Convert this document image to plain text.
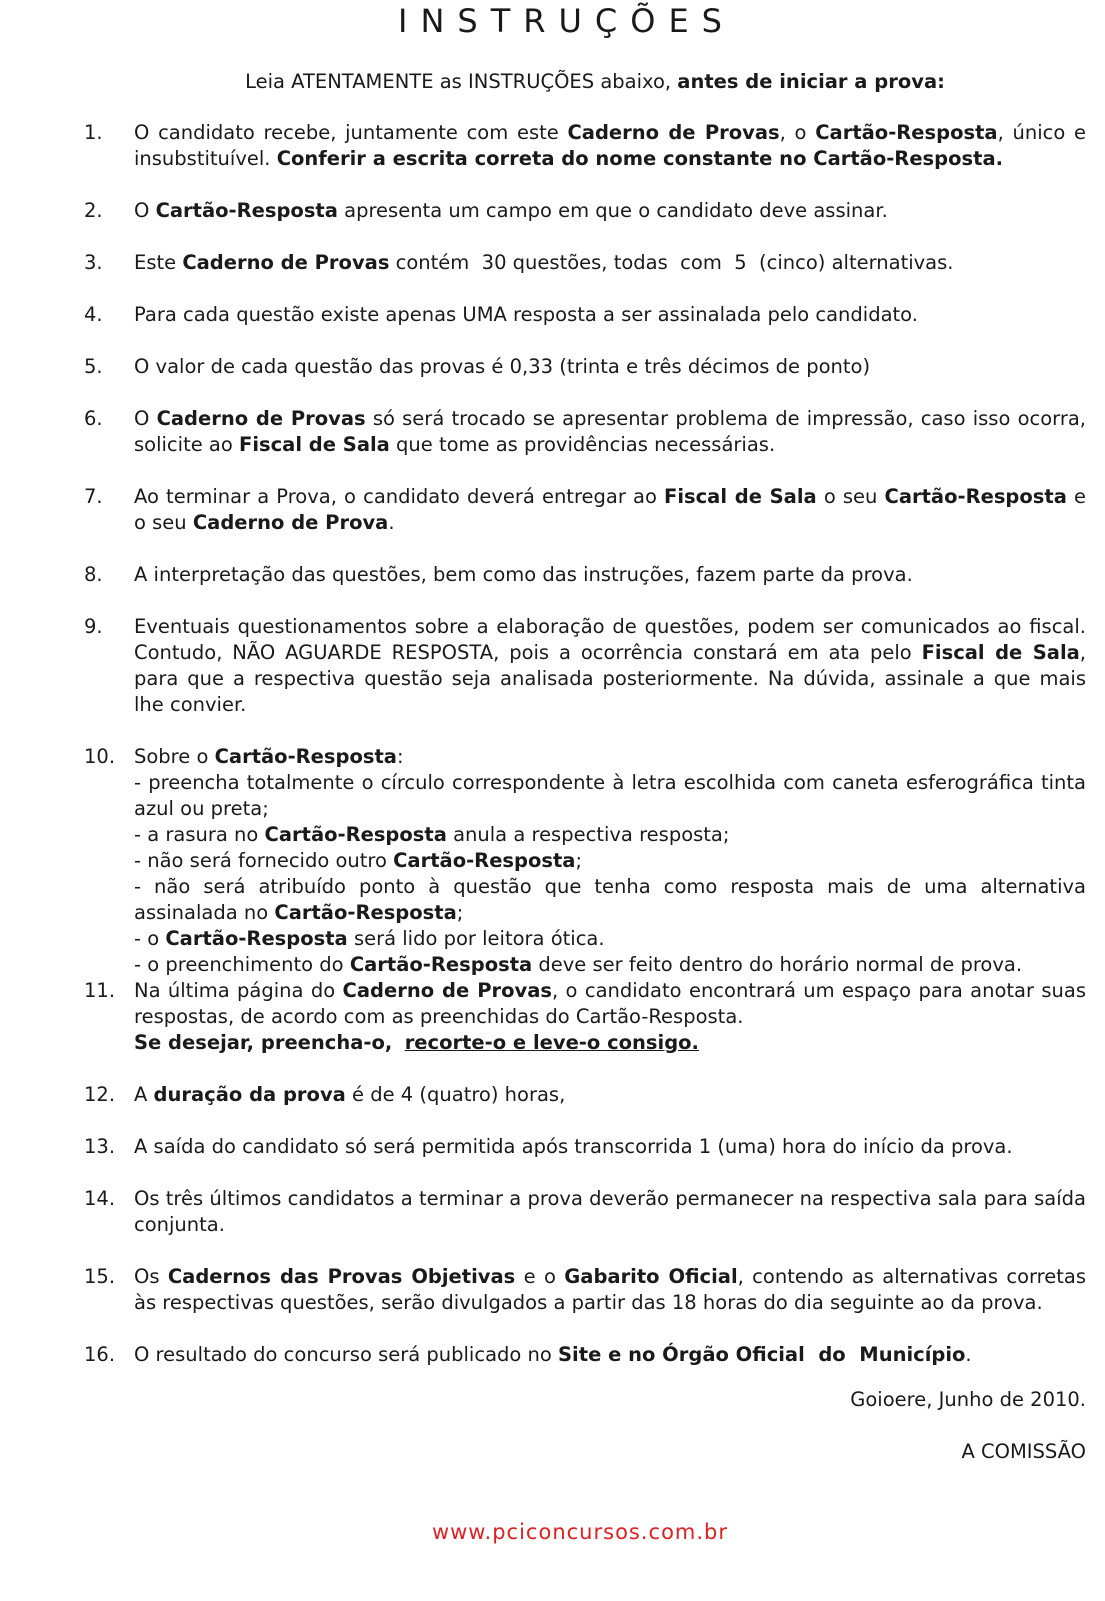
INSTRUÇÕES
Leia ATENTAMENTE as INSTRUÇÕES abaixo, antes de iniciar a prova:
1.	O candidato recebe, juntamente com este Caderno de Provas, o Cartão-Resposta, único e insubstituível. Conferir a escrita correta do nome constante no Cartão-Resposta.
2.	O Cartão-Resposta apresenta um campo em que o candidato deve assinar.
3.	Este Caderno de Provas contém  30 questões, todas  com  5  (cinco) alternativas.
4.	Para cada questão existe apenas UMA resposta a ser assinalada pelo candidato.
5.	O valor de cada questão das provas é 0,33 (trinta e três décimos de ponto)
6.	O Caderno de Provas só será trocado se apresentar problema de impressão, caso isso ocorra, solicite ao Fiscal de Sala que tome as providências necessárias.
7.	Ao terminar a Prova, o candidato deverá entregar ao Fiscal de Sala o seu Cartão-Resposta e o seu Caderno de Prova.
8.	A interpretação das questões, bem como das instruções, fazem parte da prova.
9.	Eventuais questionamentos sobre a elaboração de questões, podem ser comunicados ao fiscal. Contudo, NÃO AGUARDE RESPOSTA, pois a ocorrência constará em ata pelo Fiscal de Sala, para que a respectiva questão seja analisada posteriormente. Na dúvida, assinale a que mais lhe convier.
10. Sobre o Cartão-Resposta:
- preencha totalmente o círculo correspondente à letra escolhida com caneta esferográfica tinta azul ou preta;
- a rasura no Cartão-Resposta anula a respectiva resposta;
- não será fornecido outro Cartão-Resposta;
- não será atribuído ponto à questão que tenha como resposta mais de uma alternativa assinalada no Cartão-Resposta;
- o Cartão-Resposta será lido por leitora ótica.
- o preenchimento do Cartão-Resposta deve ser feito dentro do horário normal de prova.
11. Na última página do Caderno de Provas, o candidato encontrará um espaço para anotar suas respostas, de acordo com as preenchidas do Cartão-Resposta.
Se desejar, preencha-o, recorte-o e leve-o consigo.
12. A duração da prova é de 4 (quatro) horas,
13. A saída do candidato só será permitida após transcorrida 1 (uma) hora do início da prova.
14. Os três últimos candidatos a terminar a prova deverão permanecer na respectiva sala para saída conjunta.
15. Os Cadernos das Provas Objetivas e o Gabarito Oficial, contendo as alternativas corretas às respectivas questões, serão divulgados a partir das 18 horas do dia seguinte ao da prova.
16. O resultado do concurso será publicado no Site e no Órgão Oficial  do  Município.
Goioere, Junho de 2010.
A COMISSÃO
www.pciconcursos.com.br
